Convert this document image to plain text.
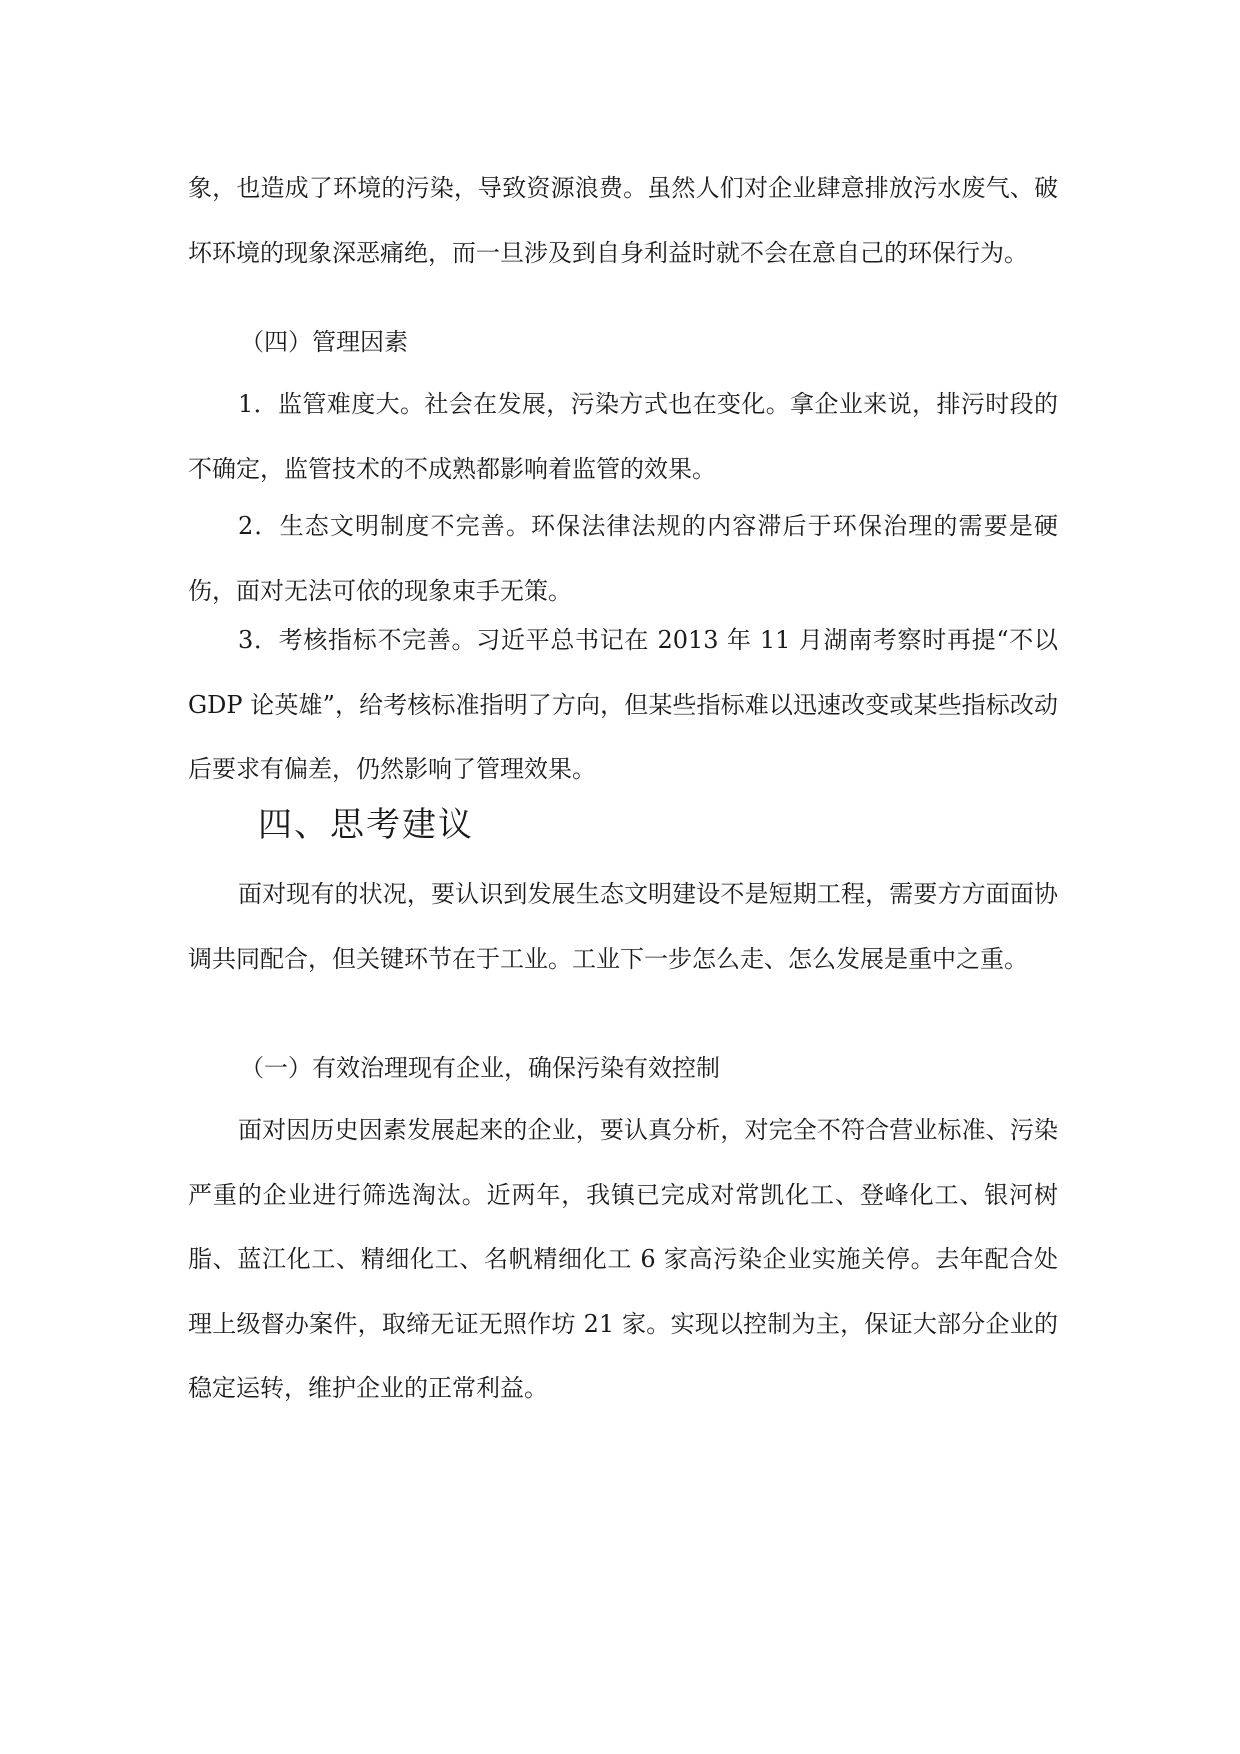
象，也造成了环境的污染，导致资源浪费。虽然人们对企业肆意排放污水废气、破坏环境的现象深恶痛绝，而一旦涉及到自身利益时就不会在意自己的环保行为。

（四）管理因素

1．监管难度大。社会在发展，污染方式也在变化。拿企业来说，排污时段的不确定，监管技术的不成熟都影响着监管的效果。

2．生态文明制度不完善。环保法律法规的内容滞后于环保治理的需要是硬伤，面对无法可依的现象束手无策。

3．考核指标不完善。习近平总书记在 2013 年 11 月湖南考察时再提“不以 GDP 论英雄”，给考核标准指明了方向，但某些指标难以迅速改变或某些指标改动后要求有偏差，仍然影响了管理效果。

四、思考建议

面对现有的状况，要认识到发展生态文明建设不是短期工程，需要方方面面协调共同配合，但关键环节在于工业。工业下一步怎么走、怎么发展是重中之重。

（一）有效治理现有企业，确保污染有效控制

面对因历史因素发展起来的企业，要认真分析，对完全不符合营业标准、污染严重的企业进行筛选淘汰。近两年，我镇已完成对常凯化工、登峰化工、银河树脂、蓝江化工、精细化工、名帆精细化工 6 家高污染企业实施关停。去年配合处理上级督办案件，取缔无证无照作坊 21 家。实现以控制为主，保证大部分企业的稳定运转，维护企业的正常利益。
